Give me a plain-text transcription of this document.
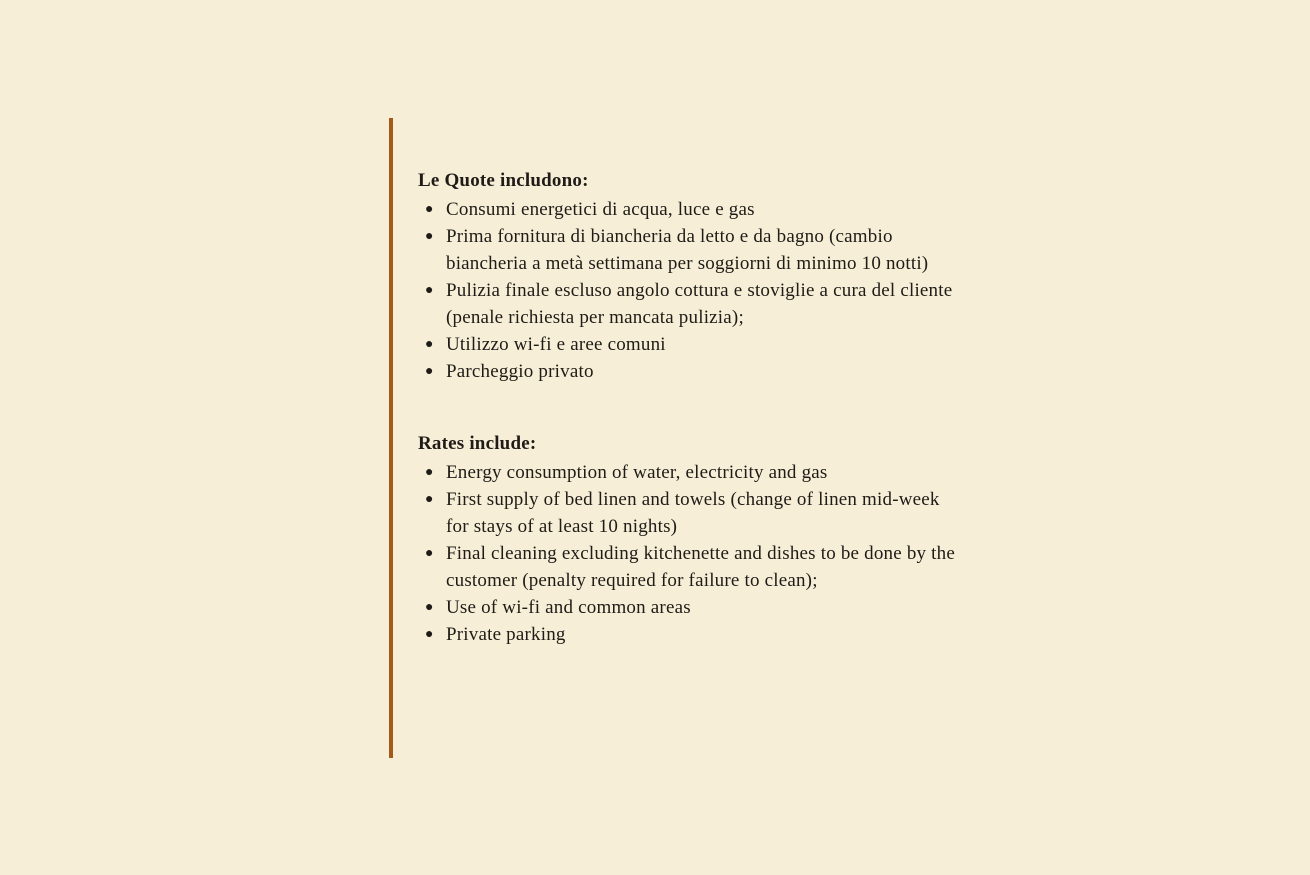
Le Quote includono:
● Consumi energetici di acqua, luce e gas
● Prima fornitura di biancheria da letto e da bagno (cambio biancheria a metà settimana per soggiorni di minimo 10 notti)
● Pulizia finale escluso angolo cottura e stoviglie a cura del cliente (penale richiesta per mancata pulizia);
● Utilizzo wi-fi e aree comuni
● Parcheggio privato
Rates include:
● Energy consumption of water, electricity and gas
● First supply of bed linen and towels (change of linen mid-week for stays of at least 10 nights)
● Final cleaning excluding kitchenette and dishes to be done by the customer (penalty required for failure to clean);
● Use of wi-fi and common areas
● Private parking
